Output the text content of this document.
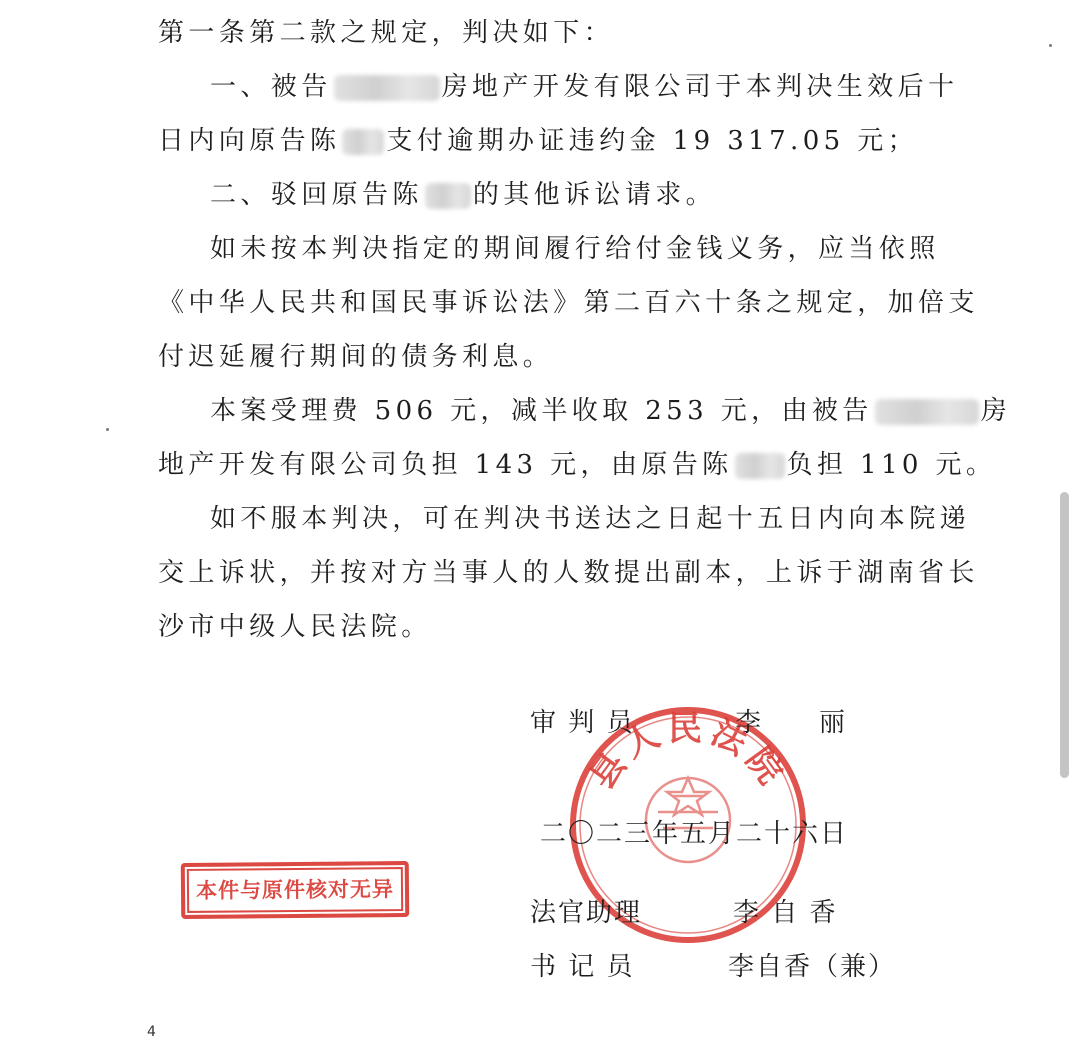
第一条第二款之规定，判决如下：
一、被告	房地产开发有限公司于本判决生效后十
日内向原告陈 支付逾期办证违约金 19 317.05 元；
二、驳回原告陈 的其他诉讼请求。
如未按本判决指定的期间履行给付金钱义务，应当依照
《中华人民共和国民事诉讼法》第二百六十条之规定，加倍支
付迟延履行期间的债务利息。
本案受理费 506 元，减半收取 253 元，由被告	房
地产开发有限公司负担 143 元，由原告陈 负担 110 元。
如不服本判决，可在判决书送达之日起十五日内向本院递
交上诉状，并按对方当事人的人数提出副本，上诉于湖南省长
沙市中级人民法院。
县人民法院
审 判 员	李　　丽
二〇二三年五月二十六日
法官助理	李 自 香
书 记 员	李自香（兼）
本件与原件核对无异
4
